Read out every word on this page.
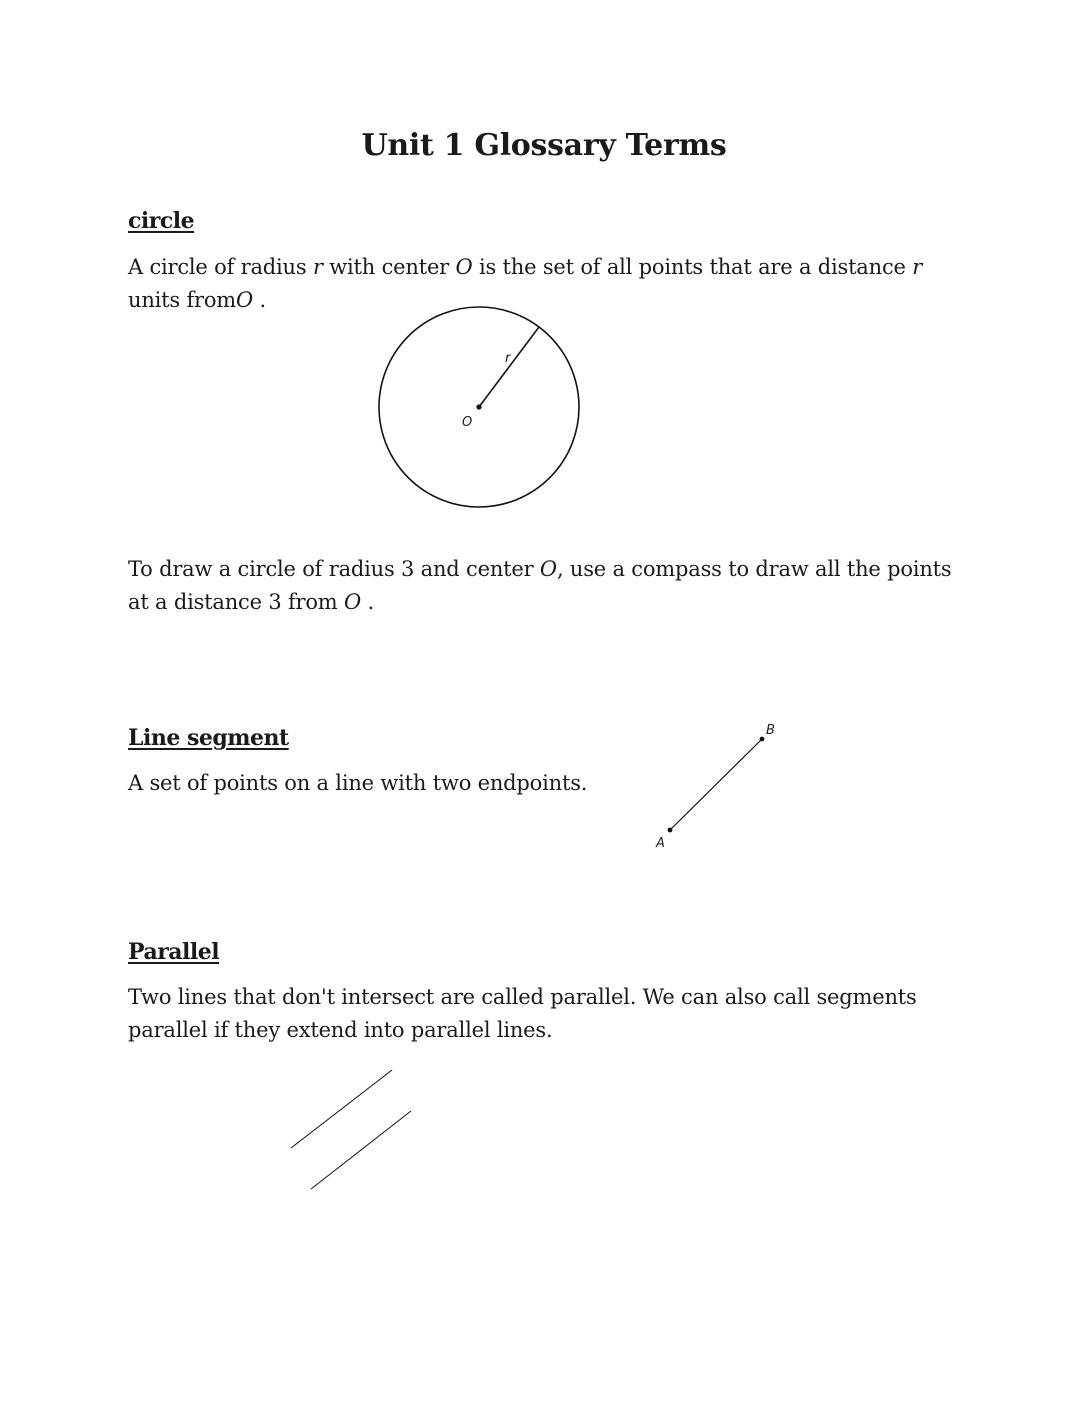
Unit 1 Glossary Terms
circle
A circle of radius r with center O is the set of all points that are a distance r units fromO .
O
r
A
B
To draw a circle of radius 3 and center O, use a compass to draw all the points at a distance 3 from O .
Line segment
A set of points on a line with two endpoints.
Parallel
Two lines that don't intersect are called parallel. We can also call segments parallel if they extend into parallel lines.
